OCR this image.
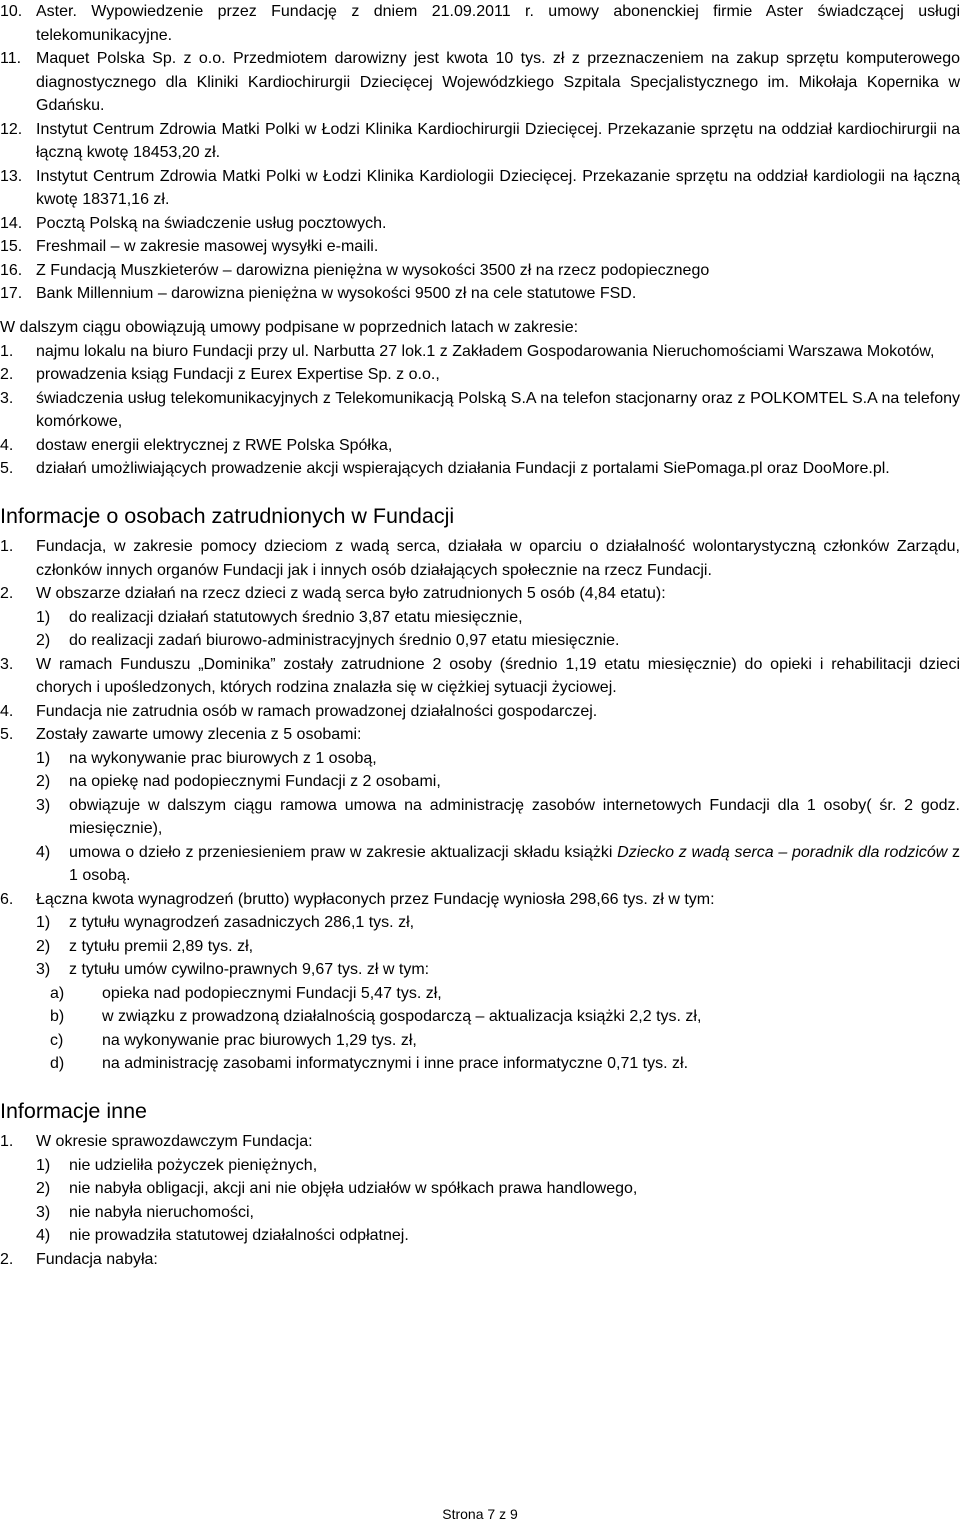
10. Aster. Wypowiedzenie przez Fundację z dniem 21.09.2011 r. umowy abonenckiej firmie Aster świadczącej usługi telekomunikacyjne.
11. Maquet Polska Sp. z o.o. Przedmiotem darowizny jest kwota 10 tys. zł z przeznaczeniem na zakup sprzętu komputerowego diagnostycznego dla Kliniki Kardiochirurgii Dziecięcej Wojewódzkiego Szpitala Specjalistycznego im. Mikołaja Kopernika w Gdańsku.
12. Instytut Centrum Zdrowia Matki Polki w Łodzi Klinika Kardiochirurgii Dziecięcej. Przekazanie sprzętu na oddział kardiochirurgii na łączną kwotę 18453,20 zł.
13. Instytut Centrum Zdrowia Matki Polki w Łodzi Klinika Kardiologii Dziecięcej. Przekazanie sprzętu na oddział kardiologii na łączną kwotę 18371,16 zł.
14. Pocztą Polską na świadczenie usług pocztowych.
15. Freshmail – w zakresie masowej wysyłki e-maili.
16. Z Fundacją Muszkieterów – darowizna pieniężna w wysokości 3500 zł na rzecz podopiecznego
17. Bank Millennium – darowizna pieniężna w wysokości 9500 zł na cele statutowe FSD.
W dalszym ciągu obowiązują umowy podpisane w poprzednich latach w zakresie:
1. najmu lokalu na biuro Fundacji przy ul. Narbutta 27 lok.1 z Zakładem Gospodarowania Nieruchomościami Warszawa Mokotów,
2. prowadzenia ksiąg Fundacji z Eurex Expertise Sp. z o.o.,
3. świadczenia usług telekomunikacyjnych z Telekomunikacją Polską S.A na telefon stacjonarny oraz z POLKOMTEL S.A na telefony komórkowe,
4. dostaw energii elektrycznej z RWE Polska Spółka,
5. działań umożliwiających prowadzenie akcji wspierających działania Fundacji z portalami SiePomaga.pl oraz DooMore.pl.
Informacje o osobach zatrudnionych w Fundacji
1. Fundacja, w zakresie pomocy dzieciom z wadą serca, działała w oparciu o działalność wolontarystyczną członków Zarządu, członków innych organów Fundacji jak i innych osób działających społecznie na rzecz Fundacji.
2. W obszarze działań na rzecz dzieci z wadą serca było zatrudnionych 5 osób (4,84 etatu):
1) do realizacji działań statutowych średnio 3,87 etatu miesięcznie,
2) do realizacji zadań biurowo-administracyjnych średnio 0,97 etatu miesięcznie.
3. W ramach Funduszu „Dominika” zostały zatrudnione 2 osoby (średnio 1,19 etatu miesięcznie) do opieki i rehabilitacji dzieci chorych i upośledzonych, których rodzina znalazła się w ciężkiej sytuacji życiowej.
4. Fundacja nie zatrudnia osób w ramach prowadzonej działalności gospodarczej.
5. Zostały zawarte umowy zlecenia z 5 osobami:
1) na wykonywanie prac biurowych z 1 osobą,
2) na opiekę nad podopiecznymi Fundacji z 2 osobami,
3) obwiązuje w dalszym ciągu ramowa umowa na administrację zasobów internetowych Fundacji dla 1 osoby( śr. 2 godz. miesięcznie),
4) umowa o dzieło z przeniesieniem praw w zakresie aktualizacji składu książki Dziecko z wadą serca – poradnik dla rodziców z 1 osobą.
6. Łączna kwota wynagrodzeń (brutto) wypłaconych przez Fundację wyniosła 298,66 tys. zł w tym:
1) z tytułu wynagrodzeń zasadniczych 286,1 tys. zł,
2) z tytułu premii 2,89 tys. zł,
3) z tytułu umów cywilno-prawnych 9,67 tys. zł w tym:
a) opieka nad podopiecznymi Fundacji 5,47 tys. zł,
b) w związku z prowadzoną działalnością gospodarczą – aktualizacja książki 2,2 tys. zł,
c) na wykonywanie prac biurowych 1,29 tys. zł,
d) na administrację zasobami informatycznymi i inne prace informatyczne 0,71 tys. zł.
Informacje inne
1. W okresie sprawozdawczym Fundacja:
1) nie udzieliła pożyczek pieniężnych,
2) nie nabyła obligacji, akcji ani nie objęła udziałów w spółkach prawa handlowego,
3) nie nabyła nieruchomości,
4) nie prowadziła statutowej działalności odpłatnej.
2. Fundacja nabyła:
Strona 7 z 9
